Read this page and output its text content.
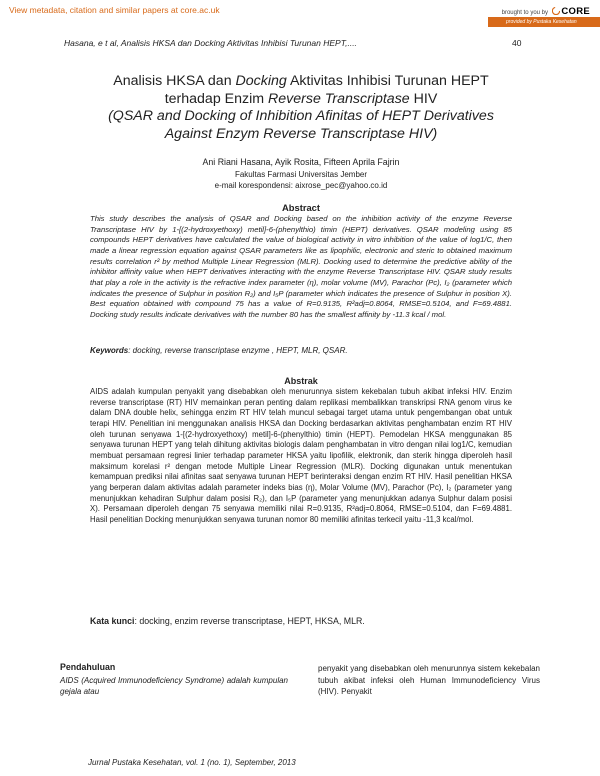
View metadata, citation and similar papers at core.ac.uk	brought to you by CORE
provided by Pustaka Kesehatan
Hasana, e t al, Analisis HKSA dan Docking Aktivitas Inhibisi Turunan HEPT,....	40
Analisis HKSA dan Docking Aktivitas Inhibisi Turunan HEPT
terhadap Enzim Reverse Transcriptase HIV
(QSAR and Docking of Inhibition Afinitas of HEPT Derivatives
Against Enzym Reverse Transcriptase HIV)
Ani Riani Hasana, Ayik Rosita, Fifteen Aprila Fajrin
Fakultas Farmasi Universitas Jember
e-mail korespondensi: aixrose_pec@yahoo.co.id
Abstract
This study describes the analysis of QSAR and Docking based on the inhibition activity of the enzyme Reverse Transcriptase HIV by 1-[(2-hydroxyethoxy) metil]-6-(phenylthio) timin (HEPT) derivatives. QSAR modeling using 85 compounds HEPT derivatives have calculated the value of biological activity in vitro inhibition of the value of log1/C, then made a linear regression equation against QSAR parameters like as lipophilic, electronic and steric to obtained maximum results correlation r² by method Multiple Linear Regression (MLR). Docking used to determine the predictive ability of the inhibitor affinity value when HEPT derivatives interacting with the enzyme Reverse Transcriptase HIV. QSAR study results that play a role in the activity is the refractive index parameter (η), molar volume (MV), Parachor (Pc), I₂ (parameter which indicates the presence of Sulphur in position R₂) and I₅P (parameter which indicates the presence of Sulphur in position X). Best equation obtained with compound 75 has a value of R=0.9135, R²adj=0.8064, RMSE=0.5104, and F=69.4881. Docking study results indicate derivatives with the number 80 has the smallest affinity by -11.3 kcal / mol.
Keywords: docking, reverse transcriptase enzyme , HEPT, MLR, QSAR.
Abstrak
AIDS adalah kumpulan penyakit yang disebabkan oleh menurunnya sistem kekebalan tubuh akibat infeksi HIV. Enzim reverse transcriptase (RT) HIV memainkan peran penting dalam replikasi membalikkan transkripsi RNA genom virus ke dalam DNA double helix, sehingga enzim RT HIV telah muncul sebagai target utama untuk pengembangan obat untuk terapi HIV. Penelitian ini menggunakan analisis HKSA dan Docking berdasarkan aktivitas penghambatan enzim RT HIV oleh turunan senyawa 1-[(2-hydroxyethoxy) metil]-6-(phenylthio) timin (HEPT). Pemodelan HKSA menggunakan 85 senyawa turunan HEPT yang telah dihitung aktivitas biologis dalam penghambatan in vitro dengan nilai log1/C, kemudian membuat persamaan regresi linier terhadap parameter HKSA yaitu lipofilik, elektronik, dan sterik hingga diperoleh hasil maksimum korelasi r² dengan metode Multiple Linear Regression (MLR). Docking digunakan untuk menentukan kemampuan prediksi nilai afinitas saat senyawa turunan HEPT berinteraksi dengan enzim RT HIV. Hasil penelitian HKSA yang berperan dalam aktivitas adalah parameter indeks bias (η), Molar Volume (MV), Parachor (Pc), I₂ (parameter yang menunjukkan kehadiran Sulphur dalam posisi R₂), dan I₅P (parameter yang menunjukkan adanya Sulphur dalam posisi X). Persamaan diperoleh dengan 75 senyawa memiliki nilai R=0.9135, R²adj=0.8064, RMSE=0.5104, dan F=69.4881. Hasil penelitian Docking menunjukkan senyawa turunan nomor 80 memiliki afinitas terkecil yaitu -11,3 kcal/mol.
Kata kunci: docking, enzim reverse transcriptase, HEPT, HKSA, MLR.
Pendahuluan
AIDS (Acquired Immunodeficiency Syndrome) adalah kumpulan gejala atau
penyakit yang disebabkan oleh menurunnya sistem kekebalan tubuh akibat infeksi oleh Human Immunodeficiency Virus (HIV). Penyakit
Jurnal Pustaka Kesehatan, vol. 1 (no. 1), September, 2013
